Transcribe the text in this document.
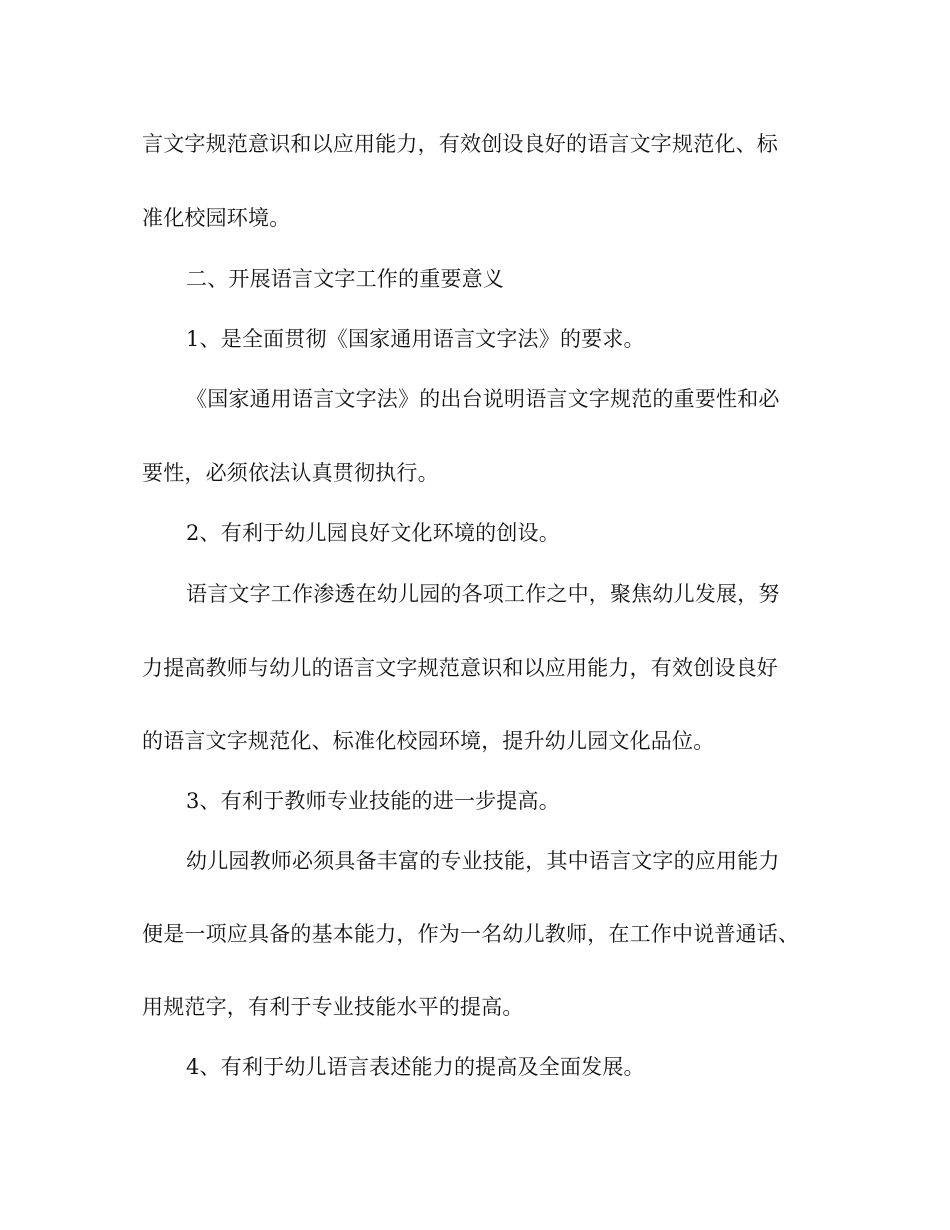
言文字规范意识和以应用能力，有效创设良好的语言文字规范化、标
准化校园环境。
二、开展语言文字工作的重要意义
1、是全面贯彻《国家通用语言文字法》的要求。
《国家通用语言文字法》的出台说明语言文字规范的重要性和必
要性，必须依法认真贯彻执行。
2、有利于幼儿园良好文化环境的创设。
语言文字工作渗透在幼儿园的各项工作之中，聚焦幼儿发展，努
力提高教师与幼儿的语言文字规范意识和以应用能力，有效创设良好
的语言文字规范化、标准化校园环境，提升幼儿园文化品位。
3、有利于教师专业技能的进一步提高。
幼儿园教师必须具备丰富的专业技能，其中语言文字的应用能力
便是一项应具备的基本能力，作为一名幼儿教师，在工作中说普通话、
用规范字，有利于专业技能水平的提高。
4、有利于幼儿语言表述能力的提高及全面发展。
